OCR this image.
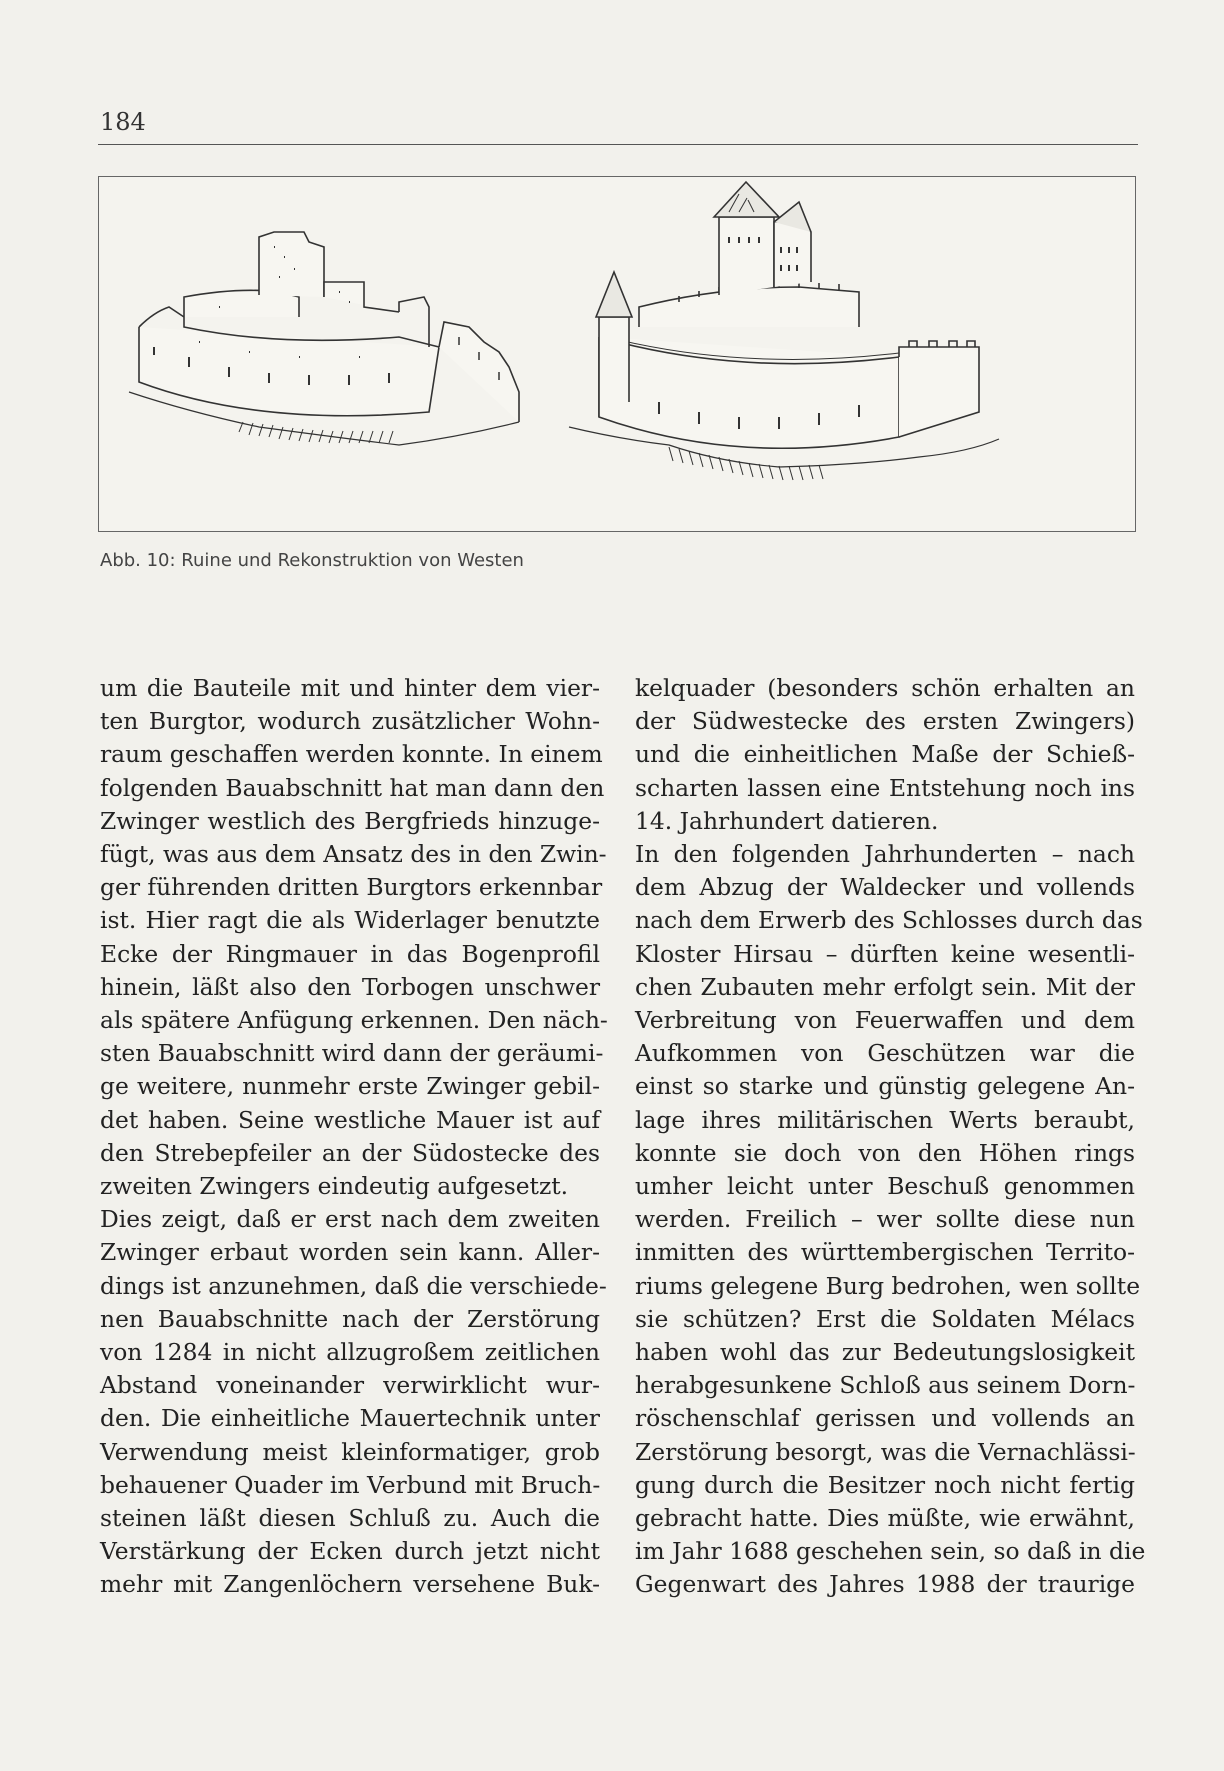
184
Abb. 10: Ruine und Rekonstruktion von Westen
um die Bauteile mit und hinter dem vier-
ten Burgtor, wodurch zusätzlicher Wohn-
raum geschaffen werden konnte. In einem
folgenden Bauabschnitt hat man dann den
Zwinger westlich des Bergfrieds hinzuge-
fügt, was aus dem Ansatz des in den Zwin-
ger führenden dritten Burgtors erkennbar
ist. Hier ragt die als Widerlager benutzte
Ecke der Ringmauer in das Bogenprofil
hinein, läßt also den Torbogen unschwer
als spätere Anfügung erkennen. Den näch-
sten Bauabschnitt wird dann der geräumi-
ge weitere, nunmehr erste Zwinger gebil-
det haben. Seine westliche Mauer ist auf
den Strebepfeiler an der Südostecke des
zweiten Zwingers eindeutig aufgesetzt.
Dies zeigt, daß er erst nach dem zweiten
Zwinger erbaut worden sein kann. Aller-
dings ist anzunehmen, daß die verschiede-
nen Bauabschnitte nach der Zerstörung
von 1284 in nicht allzugroßem zeitlichen
Abstand voneinander verwirklicht wur-
den. Die einheitliche Mauertechnik unter
Verwendung meist kleinformatiger, grob
behauener Quader im Verbund mit Bruch-
steinen läßt diesen Schluß zu. Auch die
Verstärkung der Ecken durch jetzt nicht
mehr mit Zangenlöchern versehene Buk-
kelquader (besonders schön erhalten an
der Südwestecke des ersten Zwingers)
und die einheitlichen Maße der Schieß-
scharten lassen eine Entstehung noch ins
14. Jahrhundert datieren.
In den folgenden Jahrhunderten – nach
dem Abzug der Waldecker und vollends
nach dem Erwerb des Schlosses durch das
Kloster Hirsau – dürften keine wesentli-
chen Zubauten mehr erfolgt sein. Mit der
Verbreitung von Feuerwaffen und dem
Aufkommen von Geschützen war die
einst so starke und günstig gelegene An-
lage ihres militärischen Werts beraubt,
konnte sie doch von den Höhen rings
umher leicht unter Beschuß genommen
werden. Freilich – wer sollte diese nun
inmitten des württembergischen Territo-
riums gelegene Burg bedrohen, wen sollte
sie schützen? Erst die Soldaten Mélacs
haben wohl das zur Bedeutungslosigkeit
herabgesunkene Schloß aus seinem Dorn-
röschenschlaf gerissen und vollends an
Zerstörung besorgt, was die Vernachlässi-
gung durch die Besitzer noch nicht fertig
gebracht hatte. Dies müßte, wie erwähnt,
im Jahr 1688 geschehen sein, so daß in die
Gegenwart des Jahres 1988 der traurige
